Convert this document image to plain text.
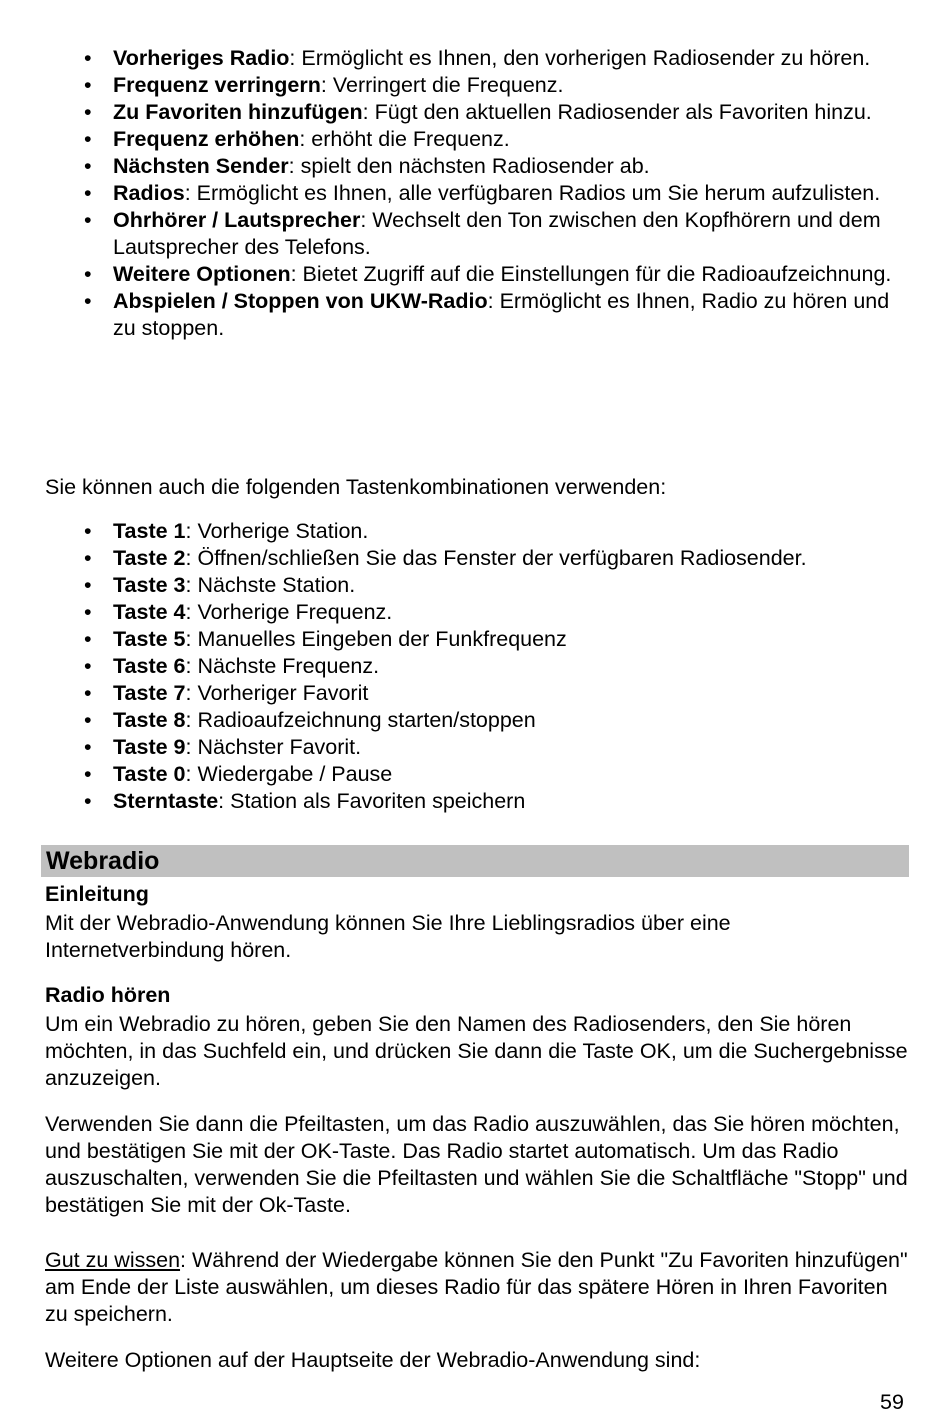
• Vorheriges Radio: Ermöglicht es Ihnen, den vorherigen Radiosender zu hören.
• Frequenz verringern: Verringert die Frequenz.
• Zu Favoriten hinzufügen: Fügt den aktuellen Radiosender als Favoriten hinzu.
• Frequenz erhöhen: erhöht die Frequenz.
• Nächsten Sender: spielt den nächsten Radiosender ab.
• Radios: Ermöglicht es Ihnen, alle verfügbaren Radios um Sie herum aufzulisten.
• Ohrhörer / Lautsprecher: Wechselt den Ton zwischen den Kopfhörern und dem Lautsprecher des Telefons.
• Weitere Optionen: Bietet Zugriff auf die Einstellungen für die Radioaufzeichnung.
• Abspielen / Stoppen von UKW-Radio: Ermöglicht es Ihnen, Radio zu hören und zu stoppen.

Sie können auch die folgenden Tastenkombinationen verwenden:

• Taste 1: Vorherige Station.
• Taste 2: Öffnen/schließen Sie das Fenster der verfügbaren Radiosender.
• Taste 3: Nächste Station.
• Taste 4: Vorherige Frequenz.
• Taste 5: Manuelles Eingeben der Funkfrequenz
• Taste 6: Nächste Frequenz.
• Taste 7: Vorheriger Favorit
• Taste 8: Radioaufzeichnung starten/stoppen
• Taste 9: Nächster Favorit.
• Taste 0: Wiedergabe / Pause
• Sterntaste: Station als Favoriten speichern
Webradio
Einleitung

Mit der Webradio-Anwendung können Sie Ihre Lieblingsradios über eine Internetverbindung hören.

Radio hören

Um ein Webradio zu hören, geben Sie den Namen des Radiosenders, den Sie hören möchten, in das Suchfeld ein, und drücken Sie dann die Taste OK, um die Suchergebnisse anzuzeigen.

Verwenden Sie dann die Pfeiltasten, um das Radio auszuwählen, das Sie hören möchten, und bestätigen Sie mit der OK-Taste. Das Radio startet automatisch. Um das Radio auszuschalten, verwenden Sie die Pfeiltasten und wählen Sie die Schaltfläche "Stopp" und bestätigen Sie mit der Ok-Taste.

Gut zu wissen: Während der Wiedergabe können Sie den Punkt "Zu Favoriten hinzufügen" am Ende der Liste auswählen, um dieses Radio für das spätere Hören in Ihren Favoriten zu speichern.

Weitere Optionen auf der Hauptseite der Webradio-Anwendung sind:

59
